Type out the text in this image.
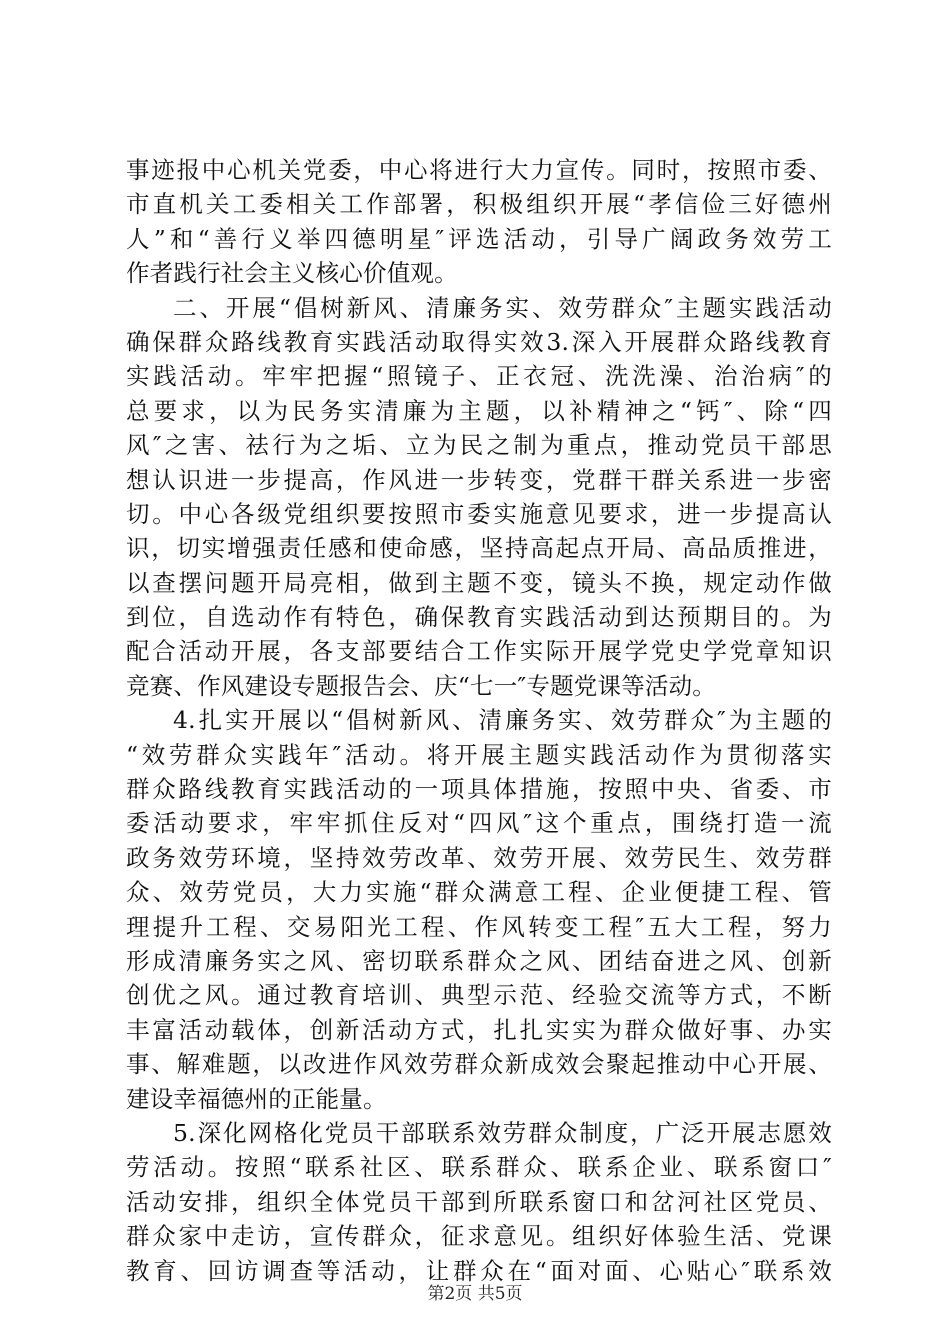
事迹报中心机关党委，中心将进行大力宣传。同时，按照市委、
市直机关工委相关工作部署，积极组织开展“孝信俭三好德州
人”和“善行义举四德明星″评选活动，引导广阔政务效劳工
作者践行社会主义核心价值观。
二、开展“倡树新风、清廉务实、效劳群众″主题实践活动
确保群众路线教育实践活动取得实效3.深入开展群众路线教育
实践活动。牢牢把握“照镜子、正衣冠、洗洗澡、治治病″的
总要求，以为民务实清廉为主题，以补精神之“钙″、除“四
风″之害、祛行为之垢、立为民之制为重点，推动党员干部思
想认识进一步提高，作风进一步转变，党群干群关系进一步密
切。中心各级党组织要按照市委实施意见要求，进一步提高认
识，切实增强责任感和使命感，坚持高起点开局、高品质推进，
以查摆问题开局亮相，做到主题不变，镜头不换，规定动作做
到位，自选动作有特色，确保教育实践活动到达预期目的。为
配合活动开展，各支部要结合工作实际开展学党史学党章知识
竞赛、作风建设专题报告会、庆“七一″专题党课等活动。
4.扎实开展以“倡树新风、清廉务实、效劳群众″为主题的
“效劳群众实践年″活动。将开展主题实践活动作为贯彻落实
群众路线教育实践活动的一项具体措施，按照中央、省委、市
委活动要求，牢牢抓住反对“四风″这个重点，围绕打造一流
政务效劳环境，坚持效劳改革、效劳开展、效劳民生、效劳群
众、效劳党员，大力实施“群众满意工程、企业便捷工程、管
理提升工程、交易阳光工程、作风转变工程″五大工程，努力
形成清廉务实之风、密切联系群众之风、团结奋进之风、创新
创优之风。通过教育培训、典型示范、经验交流等方式，不断
丰富活动载体，创新活动方式，扎扎实实为群众做好事、办实
事、解难题，以改进作风效劳群众新成效会聚起推动中心开展、
建设幸福德州的正能量。
5.深化网格化党员干部联系效劳群众制度，广泛开展志愿效
劳活动。按照“联系社区、联系群众、联系企业、联系窗口″
活动安排，组织全体党员干部到所联系窗口和岔河社区党员、
群众家中走访，宣传群众，征求意见。组织好体验生活、党课
教育、回访调查等活动，让群众在“面对面、心贴心″联系效
第2页 共5页
